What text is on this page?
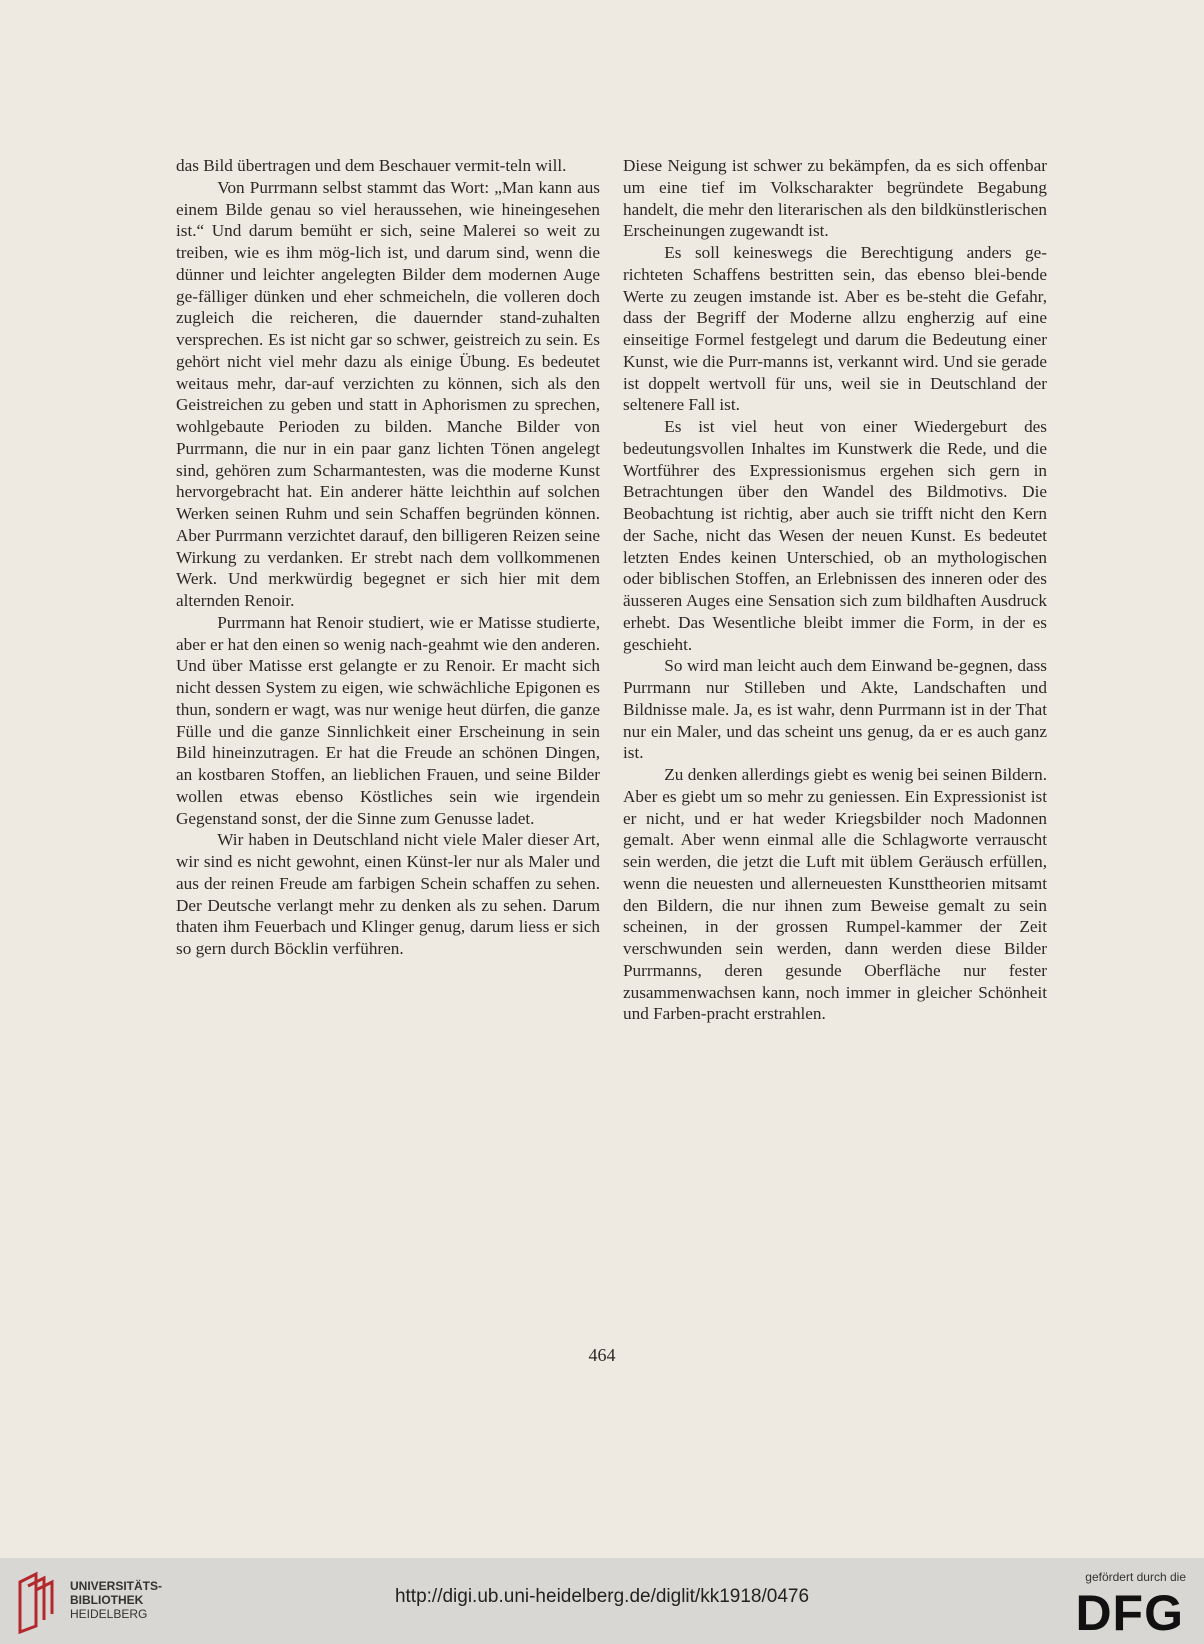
das Bild übertragen und dem Beschauer vermit-teln will.

Von Purrmann selbst stammt das Wort: „Man kann aus einem Bilde genau so viel heraussehen, wie hineingesehen ist.“ Und darum bemüht er sich, seine Malerei so weit zu treiben, wie es ihm mög-lich ist, und darum sind, wenn die dünner und leichter angelegten Bilder dem modernen Auge ge-fälliger dünken und eher schmeicheln, die volleren doch zugleich die reicheren, die dauernder stand-zuhalten versprechen. Es ist nicht gar so schwer, geistreich zu sein. Es gehört nicht viel mehr dazu als einige Übung. Es bedeutet weitaus mehr, dar-auf verzichten zu können, sich als den Geistreichen zu geben und statt in Aphorismen zu sprechen, wohlgebaute Perioden zu bilden. Manche Bilder von Purrmann, die nur in ein paar ganz lichten Tönen angelegt sind, gehören zum Scharmantesten, was die moderne Kunst hervorgebracht hat. Ein anderer hätte leichthin auf solchen Werken seinen Ruhm und sein Schaffen begründen können. Aber Purrmann verzichtet darauf, den billigeren Reizen seine Wirkung zu verdanken. Er strebt nach dem vollkommenen Werk. Und merkwürdig begegnet er sich hier mit dem alternden Renoir.

Purrmann hat Renoir studiert, wie er Matisse studierte, aber er hat den einen so wenig nach-geahmt wie den anderen. Und über Matisse erst gelangte er zu Renoir. Er macht sich nicht dessen System zu eigen, wie schwächliche Epigonen es thun, sondern er wagt, was nur wenige heut dürfen, die ganze Fülle und die ganze Sinnlichkeit einer Erscheinung in sein Bild hineinzutragen. Er hat die Freude an schönen Dingen, an kostbaren Stoffen, an lieblichen Frauen, und seine Bilder wollen etwas ebenso Köstliches sein wie irgendein Gegenstand sonst, der die Sinne zum Genusse ladet.

Wir haben in Deutschland nicht viele Maler dieser Art, wir sind es nicht gewohnt, einen Künst-ler nur als Maler und aus der reinen Freude am farbigen Schein schaffen zu sehen. Der Deutsche verlangt mehr zu denken als zu sehen. Darum thaten ihm Feuerbach und Klinger genug, darum liess er sich so gern durch Böcklin verführen.

Diese Neigung ist schwer zu bekämpfen, da es sich offenbar um eine tief im Volkscharakter begründete Begabung handelt, die mehr den literarischen als den bildkünstlerischen Erscheinungen zugewandt ist.

Es soll keineswegs die Berechtigung anders ge-richteten Schaffens bestritten sein, das ebenso blei-bende Werte zu zeugen imstande ist. Aber es be-steht die Gefahr, dass der Begriff der Moderne allzu engherzig auf eine einseitige Formel festgelegt und darum die Bedeutung einer Kunst, wie die Purr-manns ist, verkannt wird. Und sie gerade ist doppelt wertvoll für uns, weil sie in Deutschland der seltenere Fall ist.

Es ist viel heut von einer Wiedergeburt des bedeutungsvollen Inhaltes im Kunstwerk die Rede, und die Wortführer des Expressionismus ergehen sich gern in Betrachtungen über den Wandel des Bildmotivs. Die Beobachtung ist richtig, aber auch sie trifft nicht den Kern der Sache, nicht das Wesen der neuen Kunst. Es bedeutet letzten Endes keinen Unterschied, ob an mythologischen oder biblischen Stoffen, an Erlebnissen des inneren oder des äusseren Auges eine Sensation sich zum bildhaften Ausdruck erhebt. Das Wesentliche bleibt immer die Form, in der es geschieht.

So wird man leicht auch dem Einwand be-gegnen, dass Purrmann nur Stilleben und Akte, Landschaften und Bildnisse male. Ja, es ist wahr, denn Purrmann ist in der That nur ein Maler, und das scheint uns genug, da er es auch ganz ist.

Zu denken allerdings giebt es wenig bei seinen Bildern. Aber es giebt um so mehr zu geniessen. Ein Expressionist ist er nicht, und er hat weder Kriegsbilder noch Madonnen gemalt. Aber wenn einmal alle die Schlagworte verrauscht sein werden, die jetzt die Luft mit üblem Geräusch erfüllen, wenn die neuesten und allerneuesten Kunsttheorien mitsamt den Bildern, die nur ihnen zum Beweise gemalt zu sein scheinen, in der grossen Rumpel-kammer der Zeit verschwunden sein werden, dann werden diese Bilder Purrmanns, deren gesunde Oberfläche nur fester zusammenwachsen kann, noch immer in gleicher Schönheit und Farben-pracht erstrahlen.

464
UNIVERSITÄTS-
BIBLIOTHEK
HEIDELBERG
http://digi.ub.uni-heidelberg.de/diglit/kk1918/0476
gefördert durch die
DFG
